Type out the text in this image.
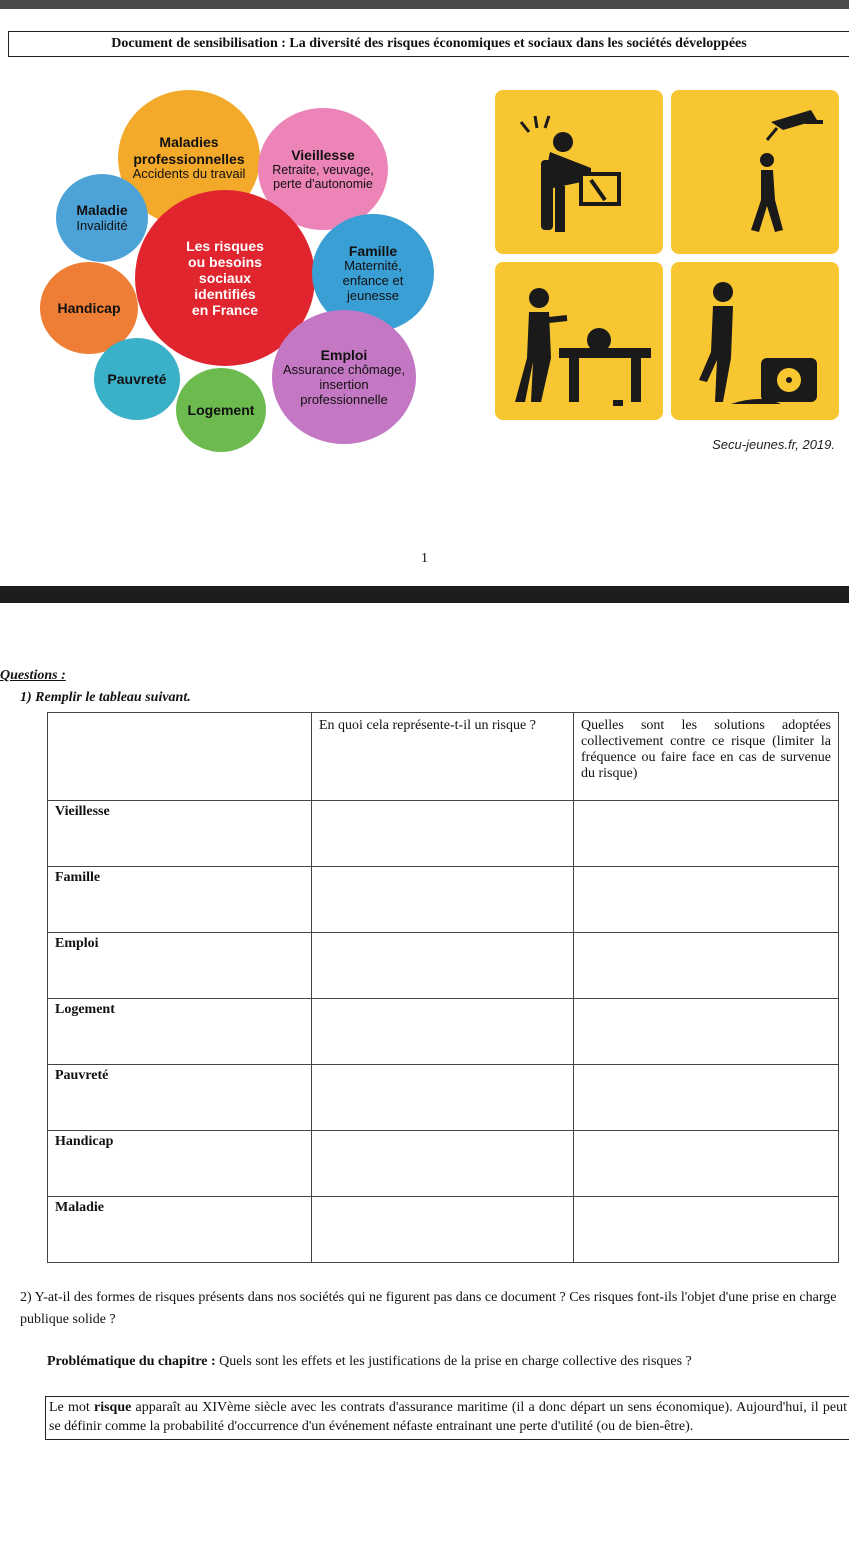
Document de sensibilisation : La diversité des risques économiques et sociaux dans les sociétés développées
Maladies professionnelles
Accidents du travail
Vieillesse
Retraite, veuvage, perte d'autonomie
Maladie
Invalidité
Les risques
ou besoins
sociaux
identifiés
en France
Famille
Maternité, enfance et jeunesse
Handicap
Emploi
Assurance chômage, insertion professionnelle
Pauvreté
Logement
Secu-jeunes.fr, 2019.
1
Questions :
1) Remplir le tableau suivant.
	En quoi cela représente-t-il un risque ?	Quelles sont les solutions adoptées collectivement contre ce risque (limiter la fréquence ou faire face en cas de survenue du risque)
Vieillesse		
Famille		
Emploi		
Logement		
Pauvreté		
Handicap		
Maladie		
2) Y-at-il des formes de risques présents dans nos sociétés qui ne figurent pas dans ce document ? Ces risques font-ils l'objet d'une prise en charge publique solide ?
Problématique du chapitre : Quels sont les effets et les justifications de la prise en charge collective des risques ?
Le mot risque apparaît au XIVème siècle avec les contrats d'assurance maritime (il a donc départ un sens économique). Aujourd'hui, il peut se définir comme la probabilité d'occurrence d'un événement néfaste entrainant une perte d'utilité (ou de bien-être).
